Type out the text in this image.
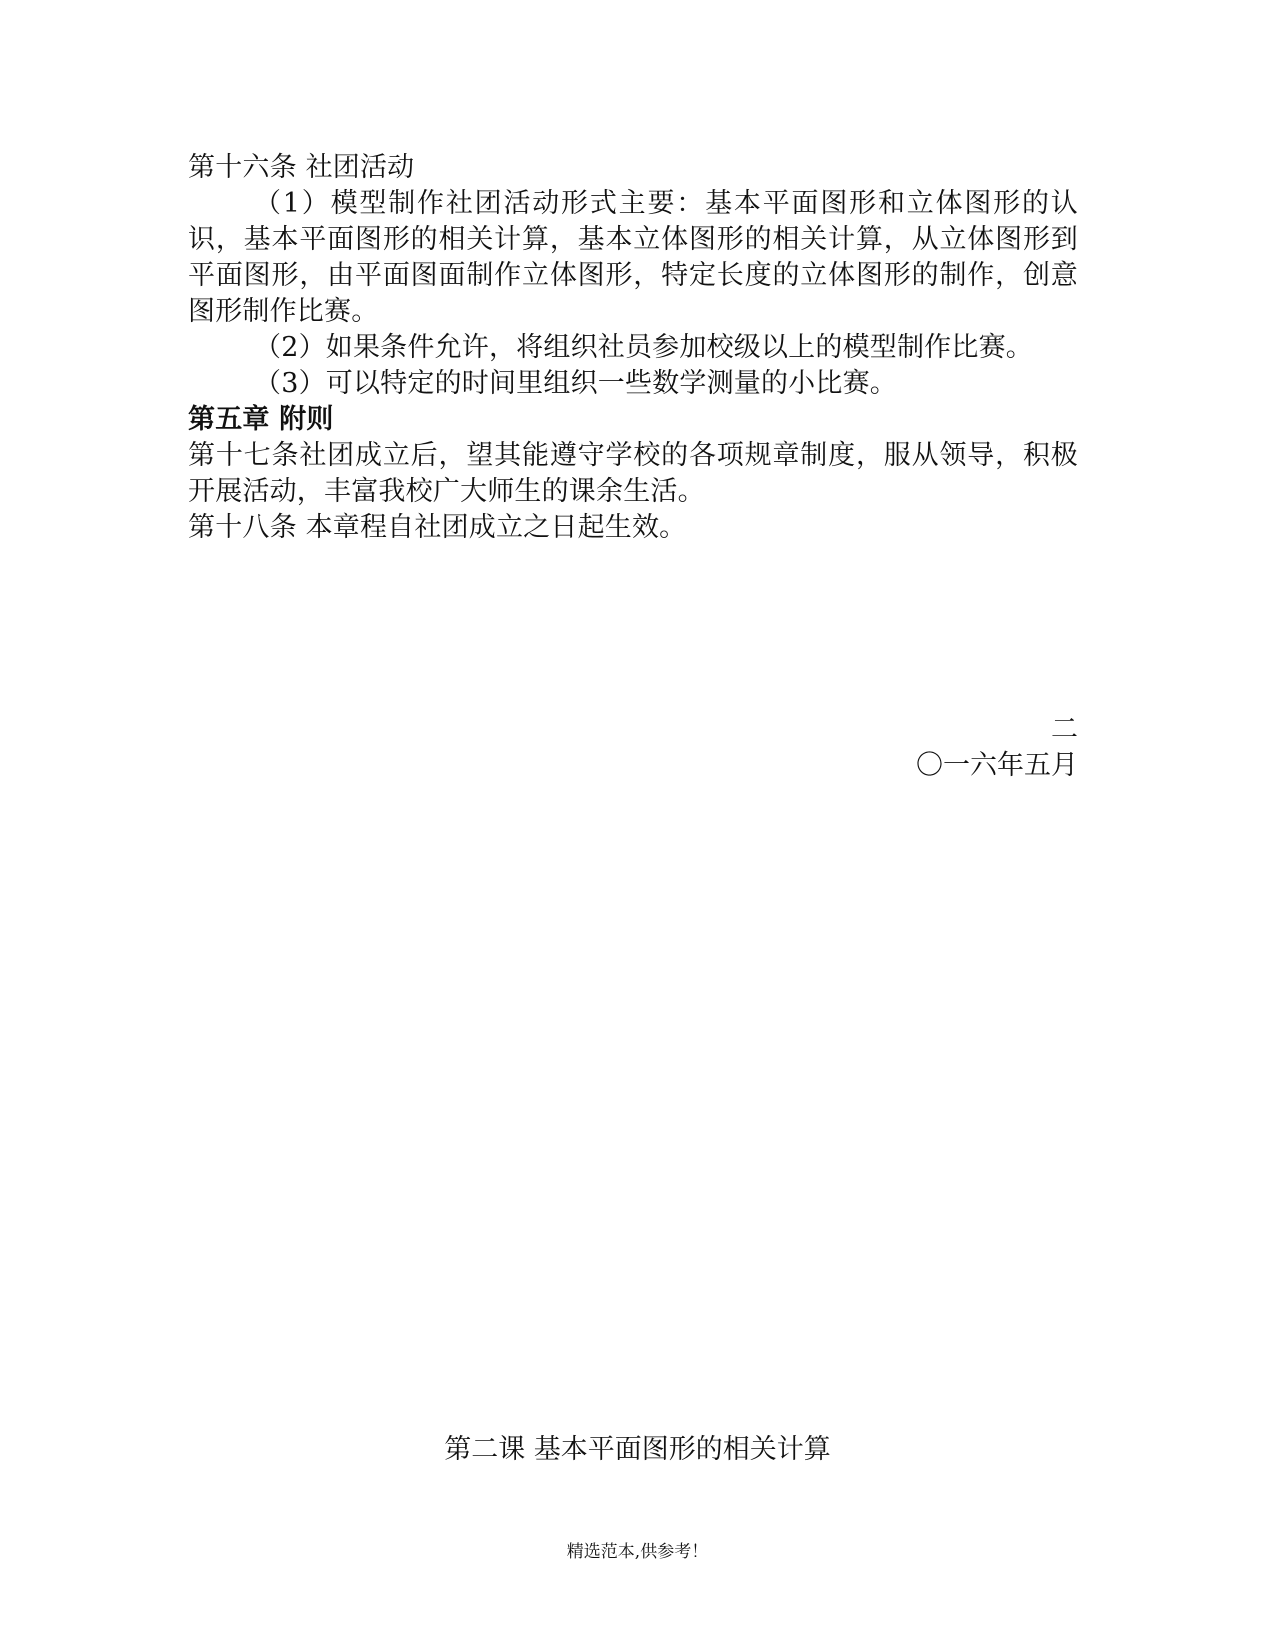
第十六条 社团活动

（1）模型制作社团活动形式主要：基本平面图形和立体图形的认识，基本平面图形的相关计算，基本立体图形的相关计算，从立体图形到平面图形，由平面图面制作立体图形，特定长度的立体图形的制作，创意图形制作比赛。

（2）如果条件允许，将组织社员参加校级以上的模型制作比赛。

（3）可以特定的时间里组织一些数学测量的小比赛。

第五章 附则

第十七条社团成立后，望其能遵守学校的各项规章制度，服从领导，积极开展活动，丰富我校广大师生的课余生活。

第十八条 本章程自社团成立之日起生效。

二
〇一六年五月
第二课 基本平面图形的相关计算
精选范本,供参考！
